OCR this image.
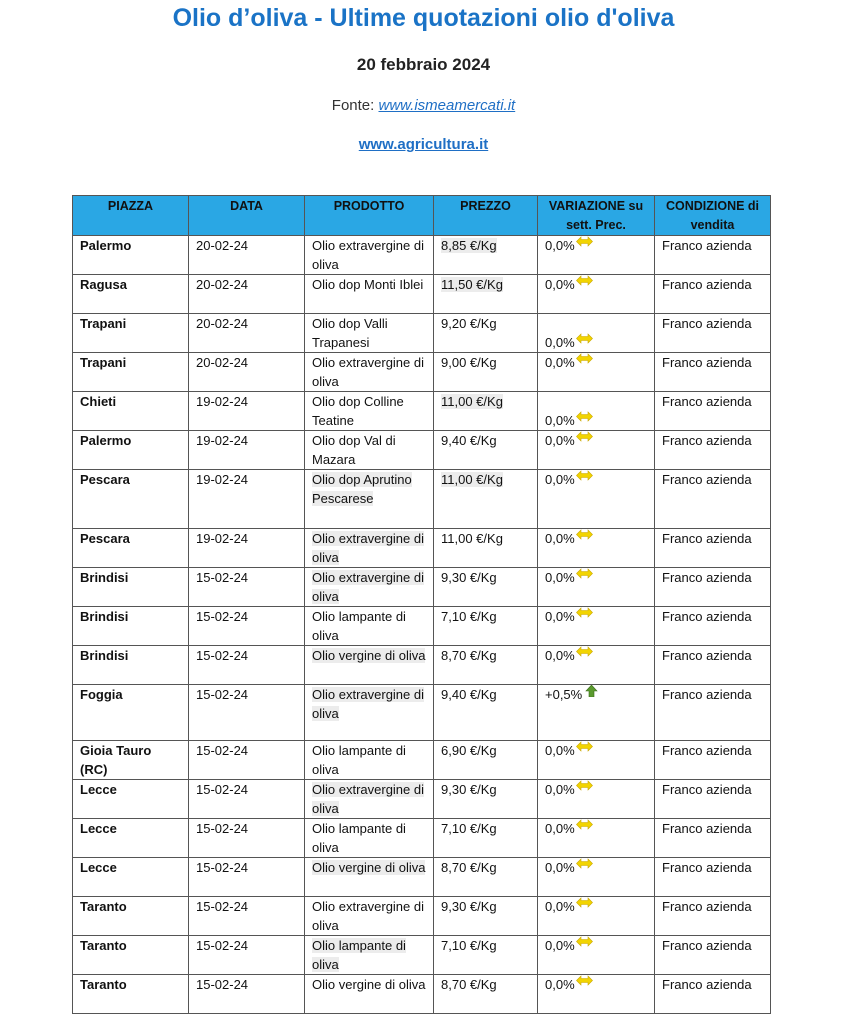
Olio d’oliva - Ultime quotazioni olio d'oliva
20 febbraio 2024
Fonte: www.ismeamercati.it
www.agricultura.it
PIAZZA	DATA	PRODOTTO	PREZZO	VARIAZIONE su sett. Prec.	CONDIZIONE di vendita
Palermo	20-02-24	Olio extravergine di oliva	8,85 €/Kg	0,0%	Franco azienda
Ragusa	20-02-24	Olio dop Monti Iblei	11,50 €/Kg	0,0%	Franco azienda
Trapani	20-02-24	Olio dop Valli Trapanesi	9,20 €/Kg	0,0%	Franco azienda
Trapani	20-02-24	Olio extravergine di oliva	9,00 €/Kg	0,0%	Franco azienda
Chieti	19-02-24	Olio dop Colline Teatine	11,00 €/Kg	0,0%	Franco azienda
Palermo	19-02-24	Olio dop Val di Mazara	9,40 €/Kg	0,0%	Franco azienda
Pescara	19-02-24	Olio dop Aprutino Pescarese	11,00 €/Kg	0,0%	Franco azienda
Pescara	19-02-24	Olio extravergine di oliva	11,00 €/Kg	0,0%	Franco azienda
Brindisi	15-02-24	Olio extravergine di oliva	9,30 €/Kg	0,0%	Franco azienda
Brindisi	15-02-24	Olio lampante di oliva	7,10 €/Kg	0,0%	Franco azienda
Brindisi	15-02-24	Olio vergine di oliva	8,70 €/Kg	0,0%	Franco azienda
Foggia	15-02-24	Olio extravergine di oliva	9,40 €/Kg	+0,5%	Franco azienda
Gioia Tauro (RC)	15-02-24	Olio lampante di oliva	6,90 €/Kg	0,0%	Franco azienda
Lecce	15-02-24	Olio extravergine di oliva	9,30 €/Kg	0,0%	Franco azienda
Lecce	15-02-24	Olio lampante di oliva	7,10 €/Kg	0,0%	Franco azienda
Lecce	15-02-24	Olio vergine di oliva	8,70 €/Kg	0,0%	Franco azienda
Taranto	15-02-24	Olio extravergine di oliva	9,30 €/Kg	0,0%	Franco azienda
Taranto	15-02-24	Olio lampante di oliva	7,10 €/Kg	0,0%	Franco azienda
Taranto	15-02-24	Olio vergine di oliva	8,70 €/Kg	0,0%	Franco azienda
